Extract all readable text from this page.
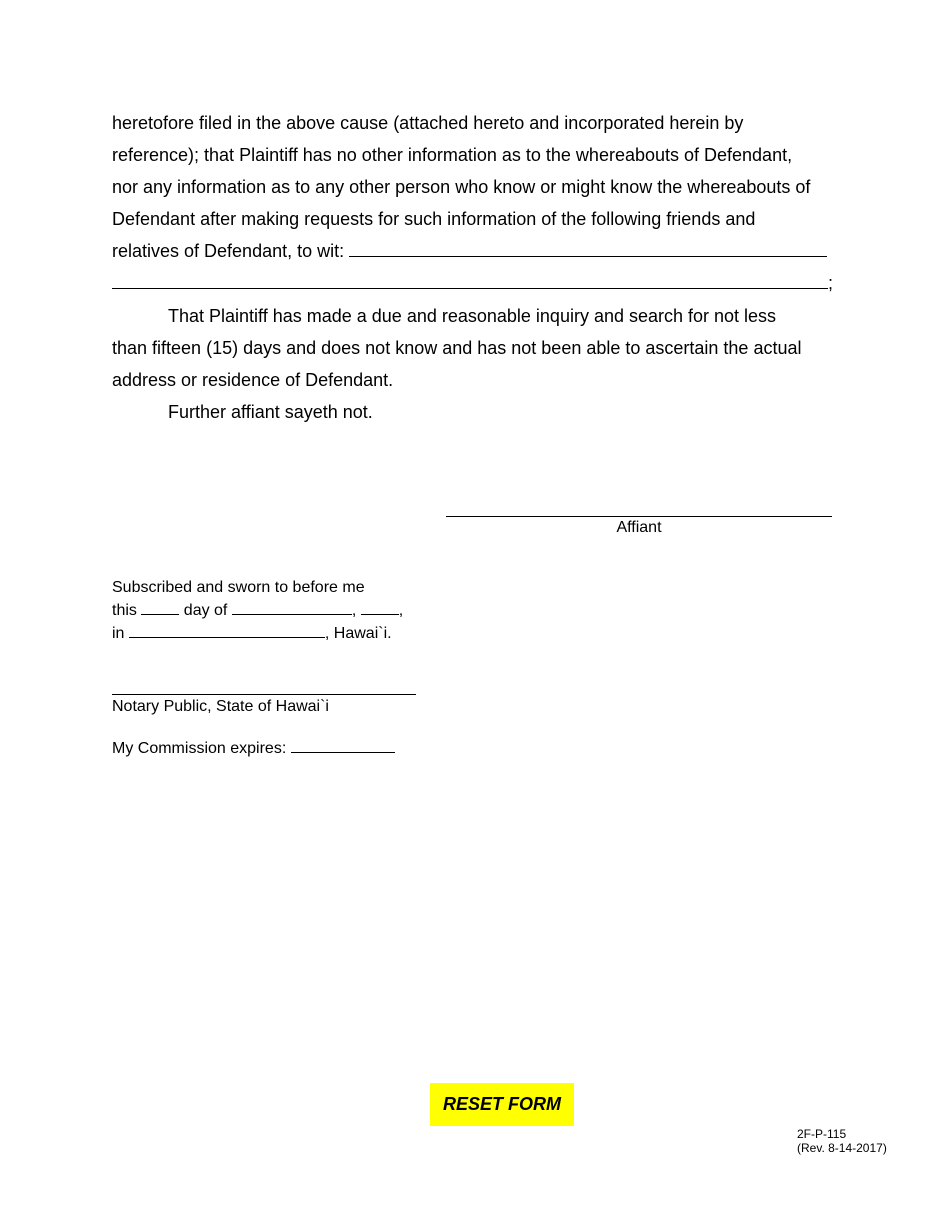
heretofore filed in the above cause (attached hereto and incorporated herein by
reference); that Plaintiff has no other information as to the whereabouts of Defendant,
nor any information as to any other person who know or might know the whereabouts of
Defendant after making requests for such information of the following friends and
relatives of Defendant, to wit:
;
That Plaintiff has made a due and reasonable inquiry and search for not less
than fifteen (15) days and does not know and has not been able to ascertain the actual
address or residence of Defendant.
Further affiant sayeth not.
Affiant
Subscribed and sworn to before me
this  day of	, ,
in	, Hawai`i.
Notary Public, State of Hawai`i
My Commission expires:
RESET FORM
2F-P-115
(Rev. 8-14-2017)
